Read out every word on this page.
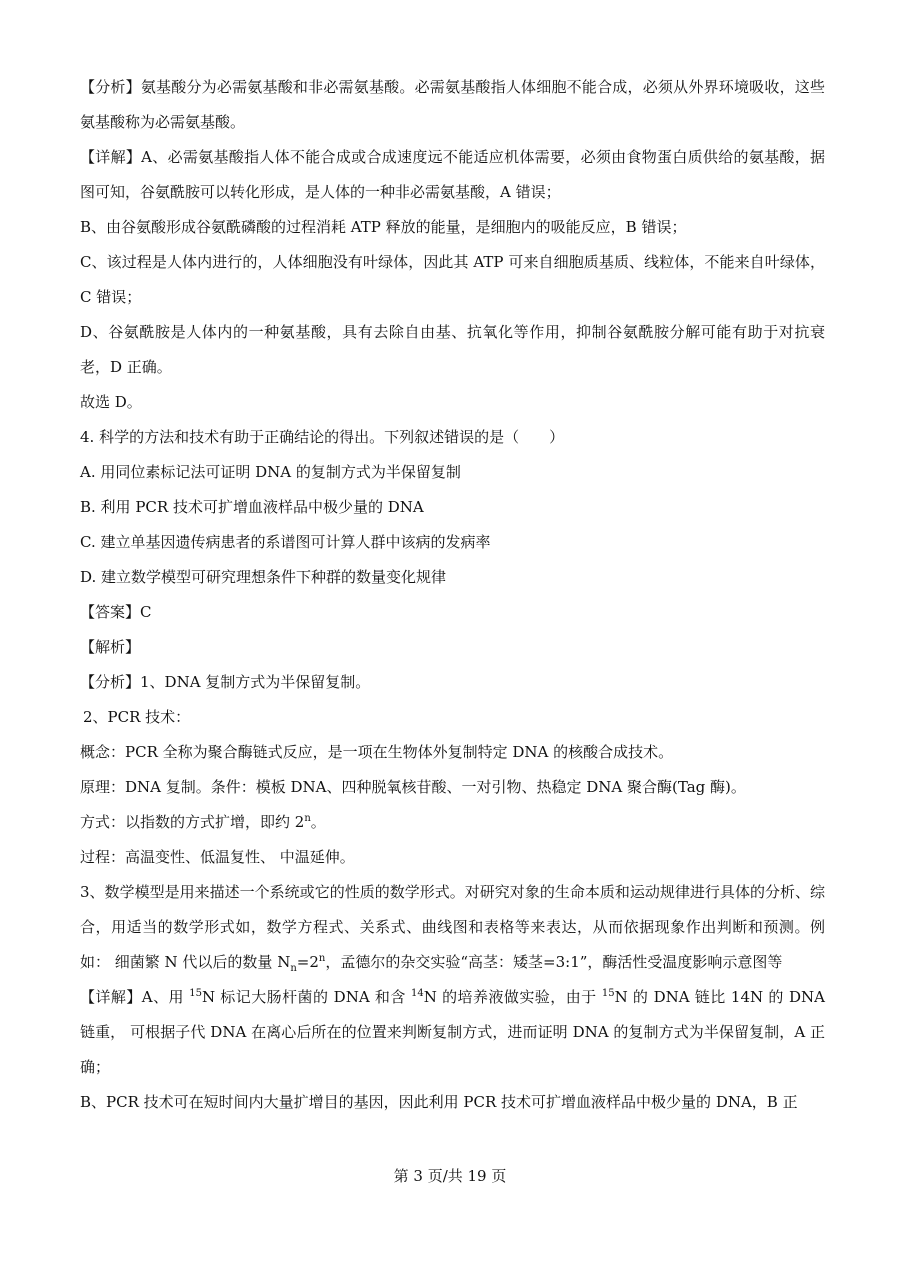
【分析】氨基酸分为必需氨基酸和非必需氨基酸。必需氨基酸指人体细胞不能合成，必须从外界环境吸收，这些氨基酸称为必需氨基酸。

【详解】A、必需氨基酸指人体不能合成或合成速度远不能适应机体需要，必须由食物蛋白质供给的氨基酸，据图可知，谷氨酰胺可以转化形成，是人体的一种非必需氨基酸，A 错误；

B、由谷氨酸形成谷氨酰磷酸的过程消耗 ATP 释放的能量，是细胞内的吸能反应，B 错误；

C、该过程是人体内进行的，人体细胞没有叶绿体，因此其 ATP 可来自细胞质基质、线粒体，不能来自叶绿体，C 错误；

D、谷氨酰胺是人体内的一种氨基酸，具有去除自由基、抗氧化等作用，抑制谷氨酰胺分解可能有助于对抗衰老，D 正确。

故选 D。

4. 科学的方法和技术有助于正确结论的得出。下列叙述错误的是（　　）

A. 用同位素标记法可证明 DNA 的复制方式为半保留复制

B. 利用 PCR 技术可扩增血液样品中极少量的 DNA

C. 建立单基因遗传病患者的系谱图可计算人群中该病的发病率

D. 建立数学模型可研究理想条件下种群的数量变化规律

【答案】C

【解析】

【分析】1、DNA 复制方式为半保留复制。

2、PCR 技术：

概念：PCR 全称为聚合酶链式反应，是一项在生物体外复制特定 DNA 的核酸合成技术。

原理：DNA 复制。条件：模板 DNA、四种脱氧核苷酸、一对引物、热稳定 DNA 聚合酶(Tag 酶)。

方式：以指数的方式扩增，即约 2$^n$。

过程：高温变性、低温复性、 中温延伸。

3、数学模型是用来描述一个系统或它的性质的数学形式。对研究对象的生命本质和运动规律进行具体的分析、综合，用适当的数学形式如，数学方程式、关系式、曲线图和表格等来表达，从而依据现象作出判断和预测。例如： 细菌繁 N 代以后的数量 $N_n=2^n$，孟德尔的杂交实验“高茎：矮茎=3:1”，酶活性受温度影响示意图等

【详解】A、用 $^{15}$N 标记大肠杆菌的 DNA 和含 $^{14}$N 的培养液做实验，由于 $^{15}$N 的 DNA 链比 14N 的 DNA 链重， 可根据子代 DNA 在离心后所在的位置来判断复制方式，进而证明 DNA 的复制方式为半保留复制，A 正确；

B、PCR 技术可在短时间内大量扩增目的基因，因此利用 PCR 技术可扩增血液样品中极少量的 DNA，B 正

第 3 页/共 19 页
